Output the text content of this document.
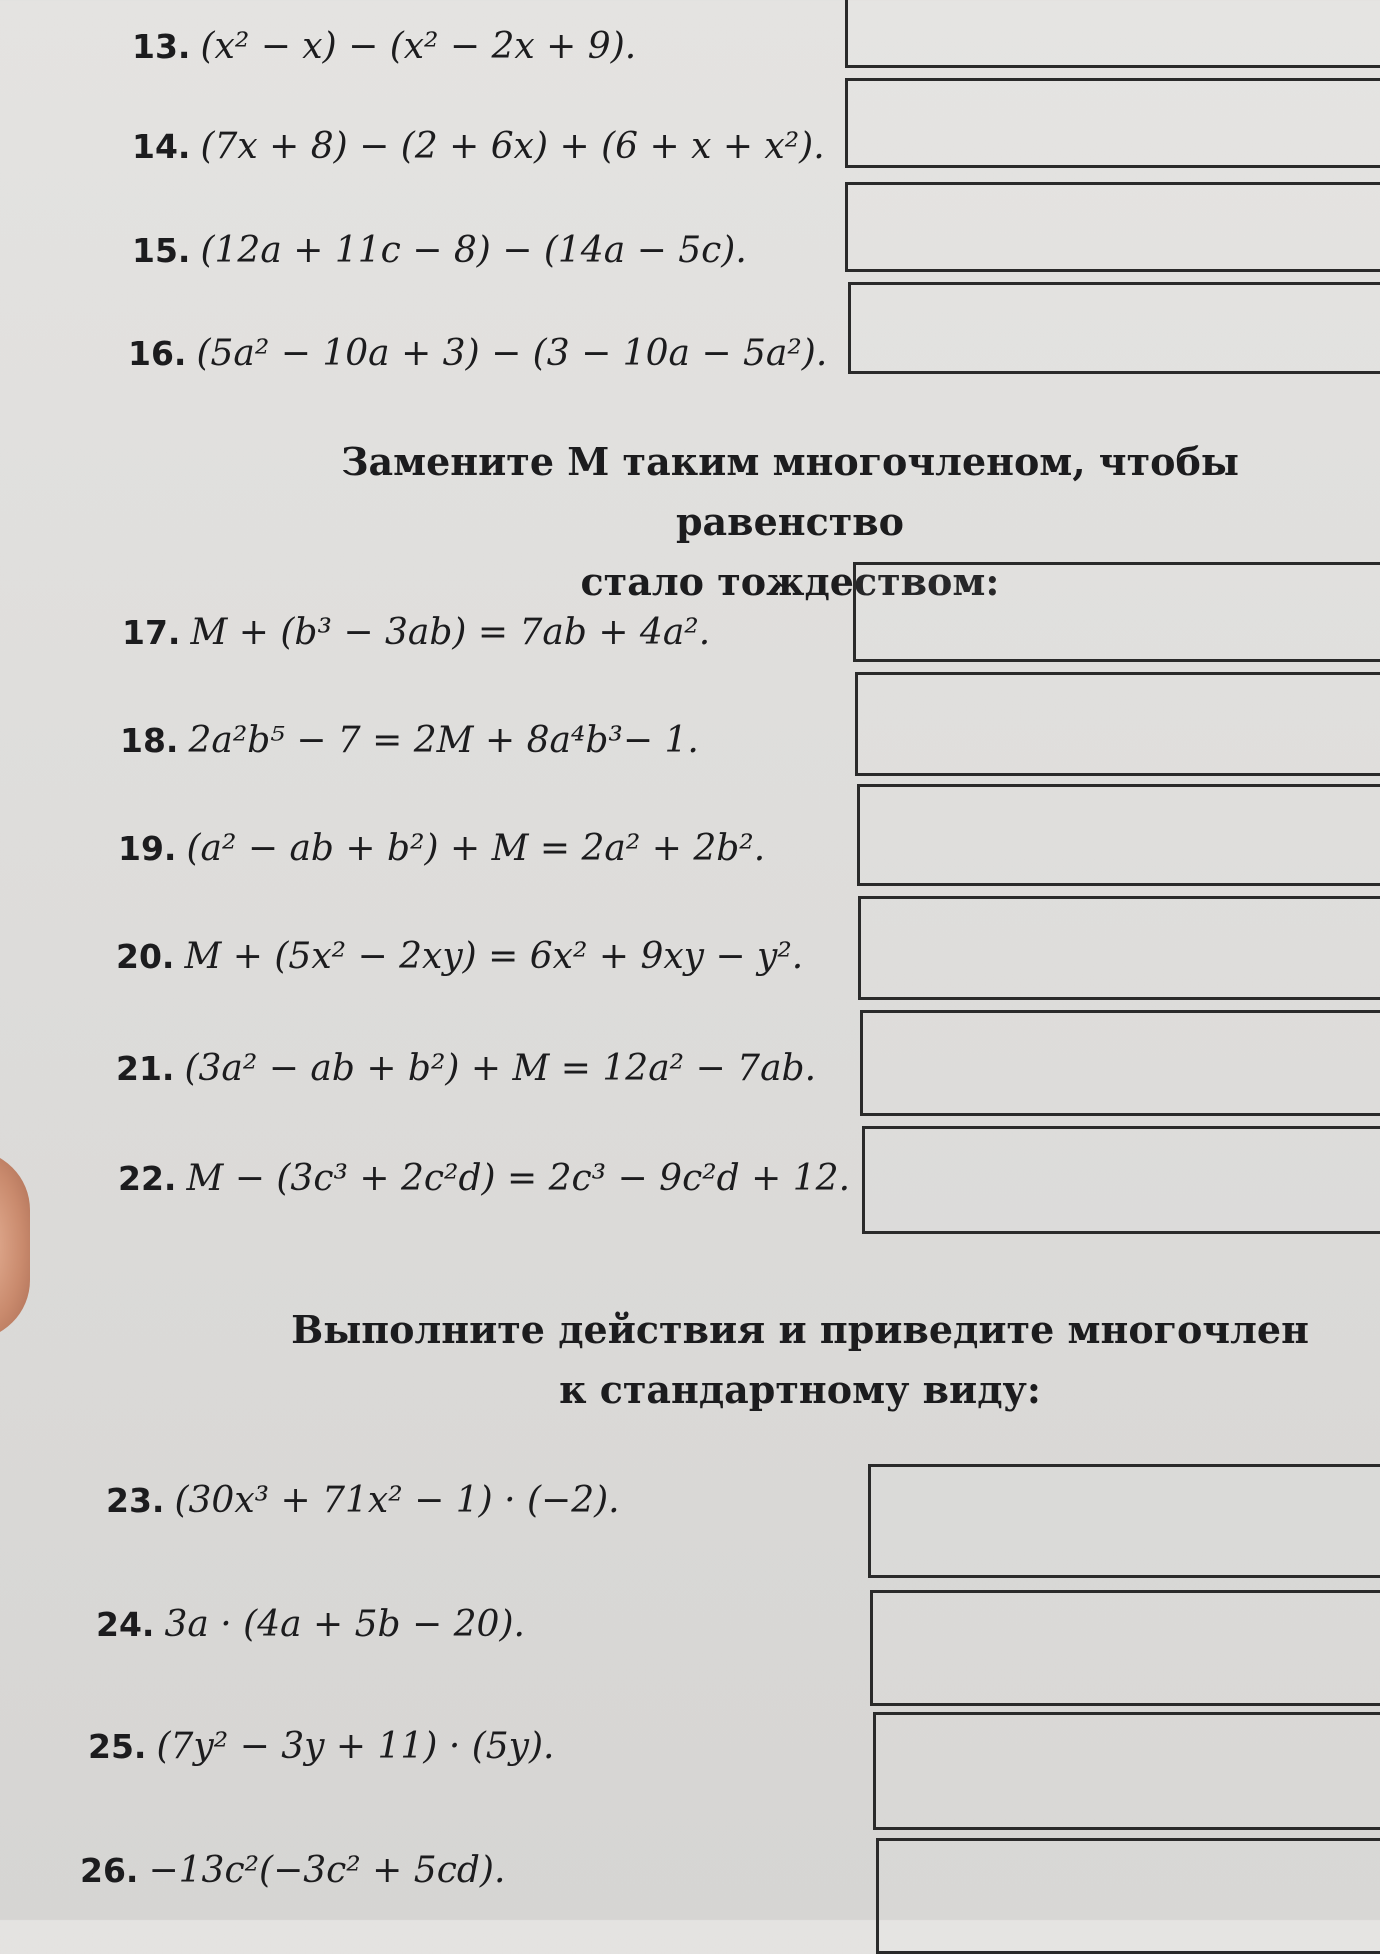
13. (x² − x) − (x² − 2x + 9).
14. (7x + 8) − (2 + 6x) + (6 + x + x²).
15. (12a + 11c − 8) − (14a − 5c).
16. (5a² − 10a + 3) − (3 − 10a − 5a²).
Замените M таким многочленом, чтобы равенство
стало тождеством:
17. M + (b³ − 3ab) = 7ab + 4a².
18. 2a²b⁵ − 7 = 2M + 8a⁴b³− 1.
19. (a² − ab + b²) + M = 2a² + 2b².
20. M + (5x² − 2xy) = 6x² + 9xy − y².
21. (3a² − ab + b²) + M = 12a² − 7ab.
22. M − (3c³ + 2c²d) = 2c³ − 9c²d + 12.
Выполните действия и приведите многочлен
к стандартному виду:
23. (30x³ + 71x² − 1) · (−2).
24. 3a · (4a + 5b − 20).
25. (7y² − 3y + 11) · (5y).
26. −13c²(−3c² + 5cd).
